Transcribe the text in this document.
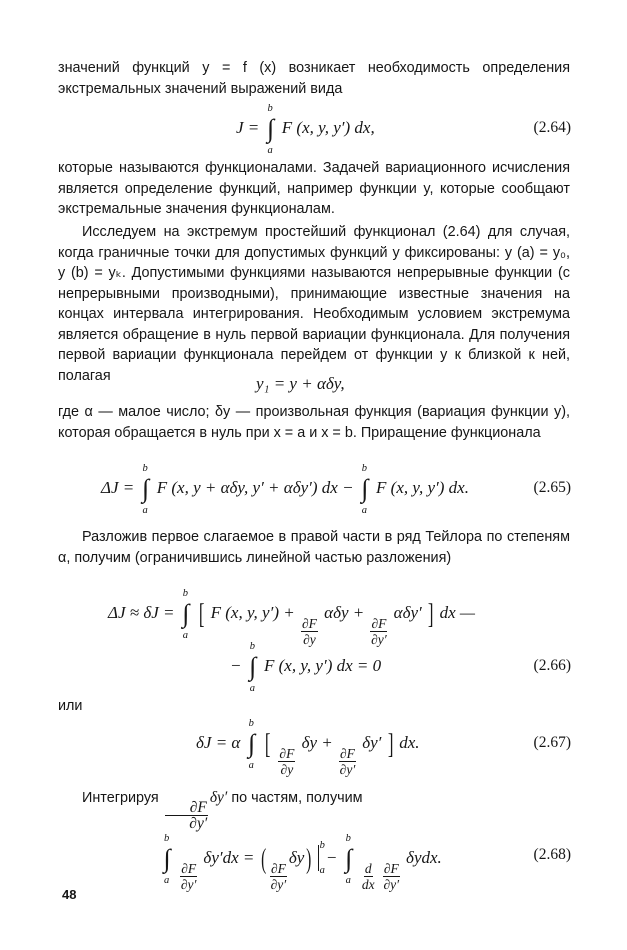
значений функций y = f (x) возникает необходимость определения экстремальных значений выражений вида
J = ∫
b
a
F (x, y, y′) dx,	(2.64)
которые называются функционалами. Задачей вариационного исчисления является определение функций, например функции y, которые сообщают экстремальные значения функционалам.
Исследуем на экстремум простейший функционал (2.64) для случая, когда граничные точки для допустимых функций y фиксированы: y (a) = y₀, y (b) = yₖ. Допустимыми функциями называются непрерывные функции (с непрерывными производными), принимающие известные значения на концах интервала интегрирования. Необходимым условием экстремума является обращение в нуль первой вариации функционала. Для получения первой вариации функционала перейдем от функции y к близкой к ней, полагая	y₁ = y + αδy,
где α — малое число; δy — произвольная функция (вариация функции y), которая обращается в нуль при x = a и x = b. Приращение функционала
ΔJ = ∫
b
a
F (x, y + αδy, y′ + αδy′) dx − ∫
b
a
F (x, y, y′) dx.	(2.65)
Разложив первое слагаемое в правой части в ряд Тейлора по степеням α, получим (ограничившись линейной частью разложения)
ΔJ ≈ δJ = ∫
b
a
[ F (x, y, y′) +
$\frac{\partial F}{\partial y}$
αδy +
$\frac{\partial F}{\partial y'}$
αδy′ ] dx —
− ∫
b
a
F (x, y, y′) dx = 0	(2.66)
или
δJ = α ∫
b
a
[
$\frac{\partial F}{\partial y}$
δy +
$\frac{\partial F}{\partial y'}$
δy′ ] dx.	(2.67)
Интегрируя
$\frac{\partial F}{\partial y'}$
δy′ по частям, получим
∫
b
a
$\frac{\partial F}{\partial y'}$
δy′dx = (
$\frac{\partial F}{\partial y'}$
δy) b
a
− ∫
b
a
$\frac{d}{dx}$
$\frac{\partial F}{\partial y'}$
δydx.	(2.68)
48
